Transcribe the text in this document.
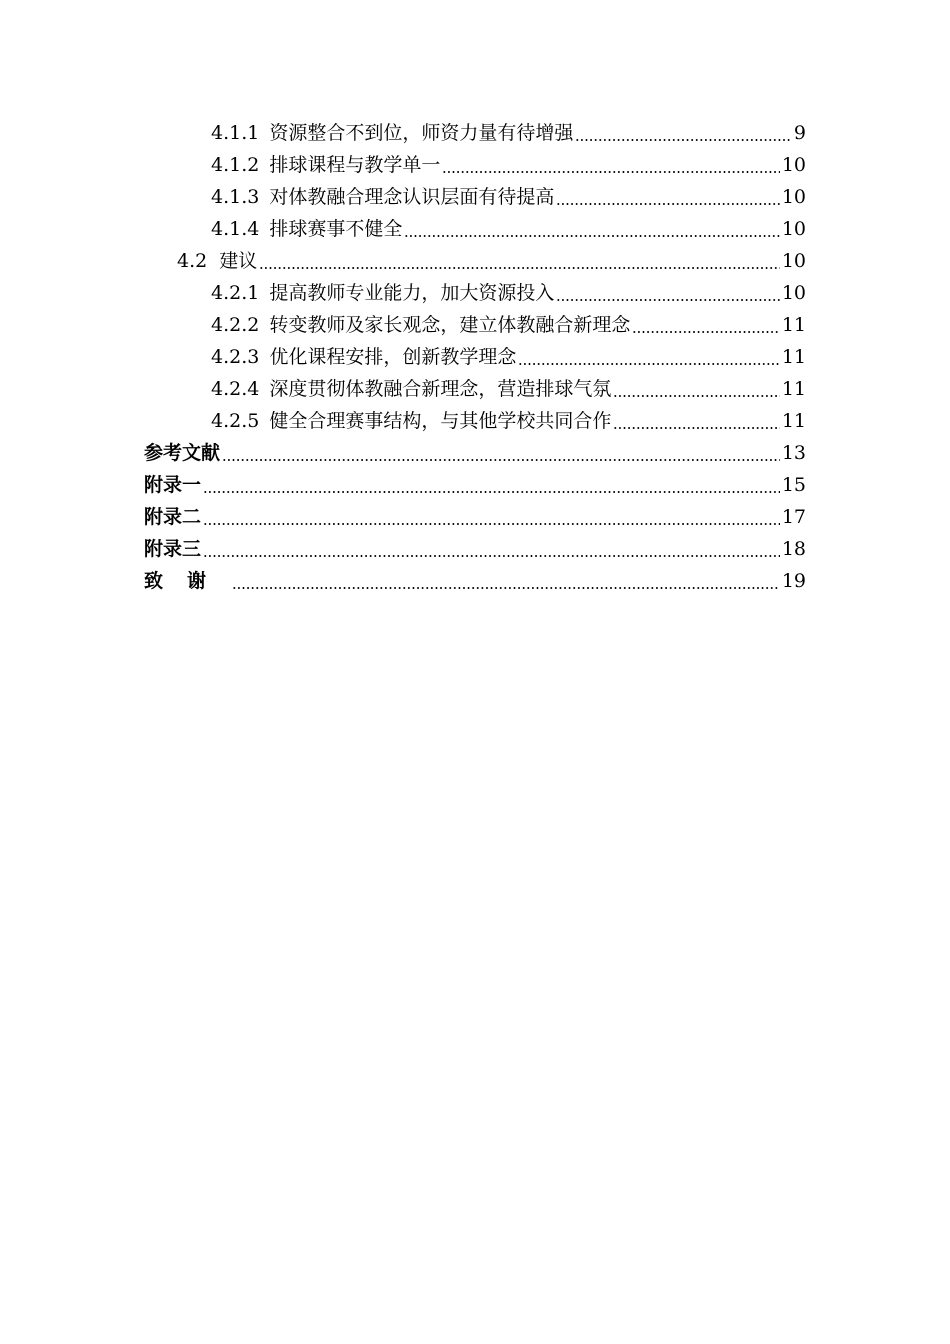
4.1.1 资源整合不到位，师资力量有待增强	9
4.1.2 排球课程与教学单一	10
4.1.3 对体教融合理念认识层面有待提高	10
4.1.4 排球赛事不健全	10
4.2 建议	10
4.2.1 提高教师专业能力，加大资源投入	10
4.2.2 转变教师及家长观念，建立体教融合新理念	11
4.2.3 优化课程安排，创新教学理念	11
4.2.4 深度贯彻体教融合新理念，营造排球气氛	11
4.2.5 健全合理赛事结构，与其他学校共同合作	11
参考文献	13
附录一	15
附录二	17
附录三	18
致谢	19
